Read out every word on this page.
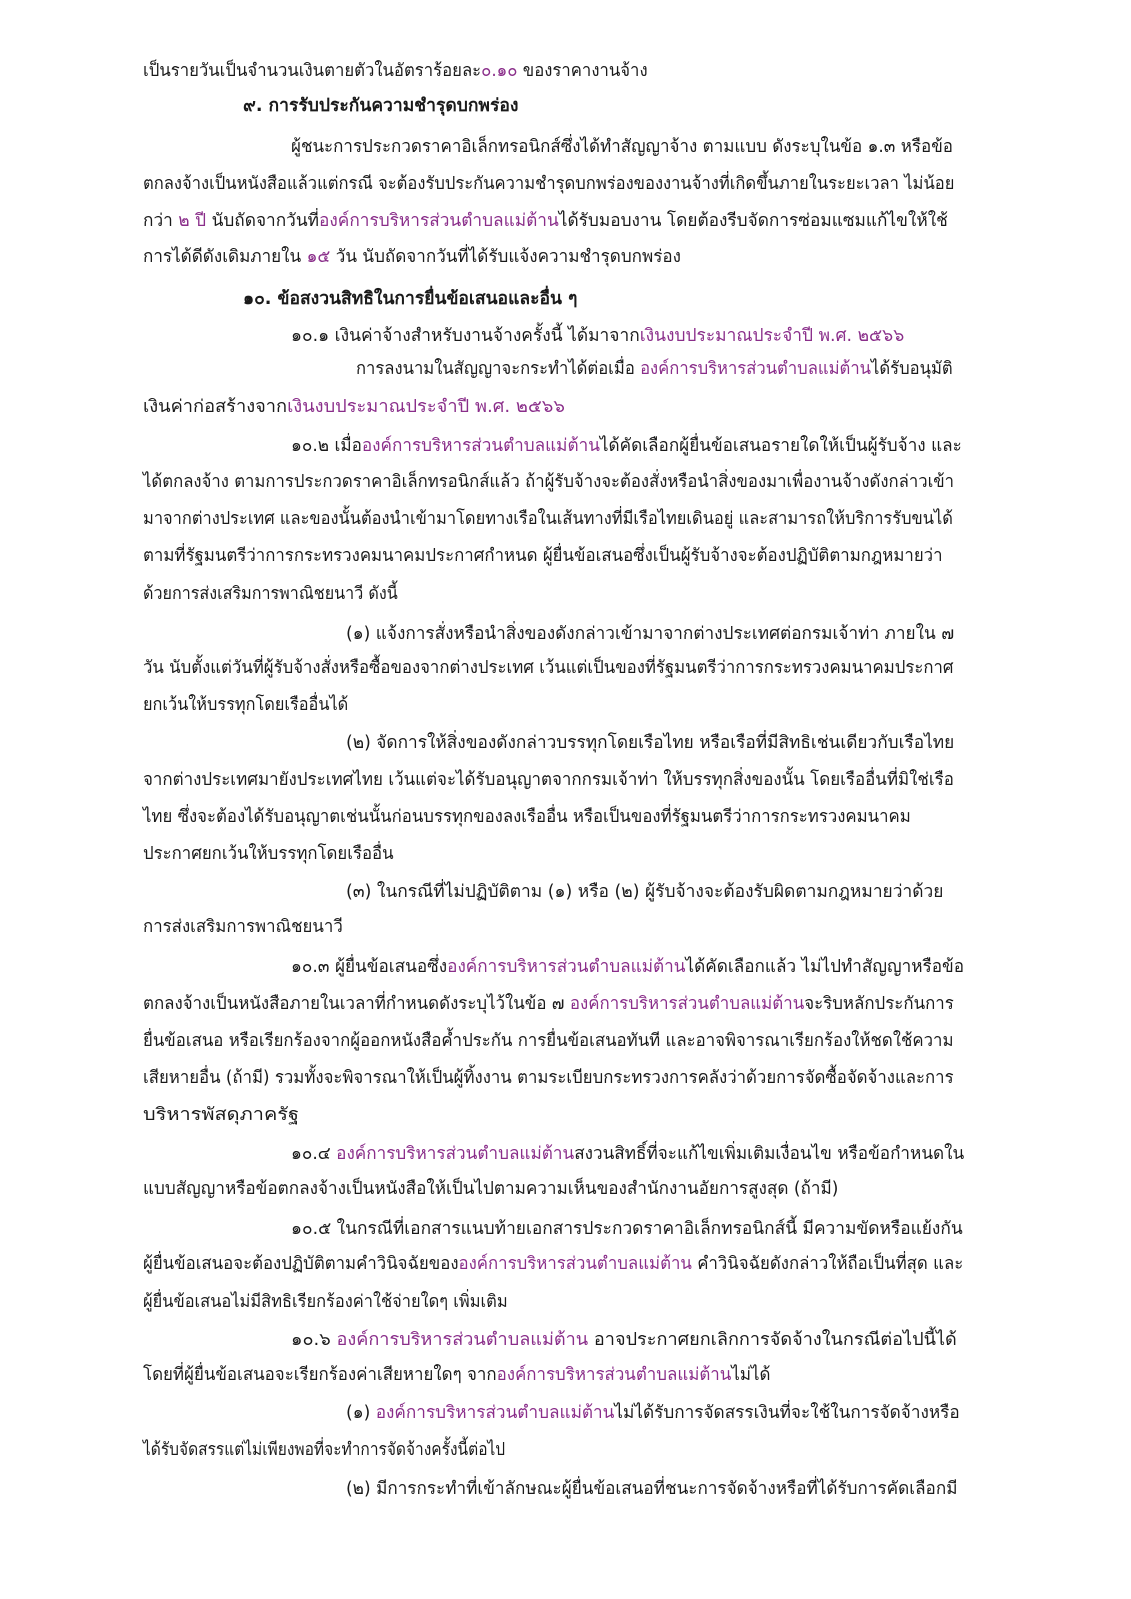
เป็นรายวันเป็นจำนวนเงินตายตัวในอัตราร้อยละ๐.๑๐ ของราคางานจ้าง
๙. การรับประกันความชำรุดบกพร่อง
ผู้ชนะการประกวดราคาอิเล็กทรอนิกส์ซึ่งได้ทำสัญญาจ้าง ตามแบบ ดังระบุในข้อ ๑.๓ หรือข้อ
ตกลงจ้างเป็นหนังสือแล้วแต่กรณี จะต้องรับประกันความชำรุดบกพร่องของงานจ้างที่เกิดขึ้นภายในระยะเวลา ไม่น้อย
กว่า ๒ ปี นับถัดจากวันที่องค์การบริหารส่วนตำบลแม่ต้านได้รับมอบงาน โดยต้องรีบจัดการซ่อมแซมแก้ไขให้ใช้
การได้ดีดังเดิมภายใน ๑๕ วัน นับถัดจากวันที่ได้รับแจ้งความชำรุดบกพร่อง
๑๐. ข้อสงวนสิทธิในการยื่นข้อเสนอและอื่น ๆ
๑๐.๑ เงินค่าจ้างสำหรับงานจ้างครั้งนี้ ได้มาจากเงินงบประมาณประจำปี พ.ศ. ๒๕๖๖
การลงนามในสัญญาจะกระทำได้ต่อเมื่อ องค์การบริหารส่วนตำบลแม่ต้านได้รับอนุมัติ
เงินค่าก่อสร้างจากเงินงบประมาณประจำปี พ.ศ. ๒๕๖๖
๑๐.๒ เมื่อองค์การบริหารส่วนตำบลแม่ต้านได้คัดเลือกผู้ยื่นข้อเสนอรายใดให้เป็นผู้รับจ้าง และ
ได้ตกลงจ้าง ตามการประกวดราคาอิเล็กทรอนิกส์แล้ว ถ้าผู้รับจ้างจะต้องสั่งหรือนำสิ่งของมาเพื่องานจ้างดังกล่าวเข้า
มาจากต่างประเทศ และของนั้นต้องนำเข้ามาโดยทางเรือในเส้นทางที่มีเรือไทยเดินอยู่ และสามารถให้บริการรับขนได้
ตามที่รัฐมนตรีว่าการกระทรวงคมนาคมประกาศกำหนด ผู้ยื่นข้อเสนอซึ่งเป็นผู้รับจ้างจะต้องปฏิบัติตามกฎหมายว่า
ด้วยการส่งเสริมการพาณิชยนาวี ดังนี้
(๑) แจ้งการสั่งหรือนำสิ่งของดังกล่าวเข้ามาจากต่างประเทศต่อกรมเจ้าท่า ภายใน ๗
วัน นับตั้งแต่วันที่ผู้รับจ้างสั่งหรือซื้อของจากต่างประเทศ เว้นแต่เป็นของที่รัฐมนตรีว่าการกระทรวงคมนาคมประกาศ
ยกเว้นให้บรรทุกโดยเรืออื่นได้
(๒) จัดการให้สิ่งของดังกล่าวบรรทุกโดยเรือไทย หรือเรือที่มีสิทธิเช่นเดียวกับเรือไทย
จากต่างประเทศมายังประเทศไทย เว้นแต่จะได้รับอนุญาตจากกรมเจ้าท่า ให้บรรทุกสิ่งของนั้น โดยเรืออื่นที่มิใช่เรือ
ไทย ซึ่งจะต้องได้รับอนุญาตเช่นนั้นก่อนบรรทุกของลงเรืออื่น หรือเป็นของที่รัฐมนตรีว่าการกระทรวงคมนาคม
ประกาศยกเว้นให้บรรทุกโดยเรืออื่น
(๓) ในกรณีที่ไม่ปฏิบัติตาม (๑) หรือ (๒) ผู้รับจ้างจะต้องรับผิดตามกฎหมายว่าด้วย
การส่งเสริมการพาณิชยนาวี
๑๐.๓ ผู้ยื่นข้อเสนอซึ่งองค์การบริหารส่วนตำบลแม่ต้านได้คัดเลือกแล้ว ไม่ไปทำสัญญาหรือข้อ
ตกลงจ้างเป็นหนังสือภายในเวลาที่กำหนดดังระบุไว้ในข้อ ๗ องค์การบริหารส่วนตำบลแม่ต้านจะริบหลักประกันการ
ยื่นข้อเสนอ หรือเรียกร้องจากผู้ออกหนังสือค้ำประกัน การยื่นข้อเสนอทันที และอาจพิจารณาเรียกร้องให้ชดใช้ความ
เสียหายอื่น (ถ้ามี) รวมทั้งจะพิจารณาให้เป็นผู้ทิ้งงาน ตามระเบียบกระทรวงการคลังว่าด้วยการจัดซื้อจัดจ้างและการ
บริหารพัสดุภาครัฐ
๑๐.๔ องค์การบริหารส่วนตำบลแม่ต้านสงวนสิทธิ์ที่จะแก้ไขเพิ่มเติมเงื่อนไข หรือข้อกำหนดใน
แบบสัญญาหรือข้อตกลงจ้างเป็นหนังสือให้เป็นไปตามความเห็นของสำนักงานอัยการสูงสุด (ถ้ามี)
๑๐.๕ ในกรณีที่เอกสารแนบท้ายเอกสารประกวดราคาอิเล็กทรอนิกส์นี้ มีความขัดหรือแย้งกัน
ผู้ยื่นข้อเสนอจะต้องปฏิบัติตามคำวินิจฉัยขององค์การบริหารส่วนตำบลแม่ต้าน คำวินิจฉัยดังกล่าวให้ถือเป็นที่สุด และ
ผู้ยื่นข้อเสนอไม่มีสิทธิเรียกร้องค่าใช้จ่ายใดๆ เพิ่มเติม
๑๐.๖ องค์การบริหารส่วนตำบลแม่ต้าน อาจประกาศยกเลิกการจัดจ้างในกรณีต่อไปนี้ได้
โดยที่ผู้ยื่นข้อเสนอจะเรียกร้องค่าเสียหายใดๆ จากองค์การบริหารส่วนตำบลแม่ต้านไม่ได้
(๑) องค์การบริหารส่วนตำบลแม่ต้านไม่ได้รับการจัดสรรเงินที่จะใช้ในการจัดจ้างหรือ
ได้รับจัดสรรแต่ไม่เพียงพอที่จะทำการจัดจ้างครั้งนี้ต่อไป
(๒) มีการกระทำที่เข้าลักษณะผู้ยื่นข้อเสนอที่ชนะการจัดจ้างหรือที่ได้รับการคัดเลือกมี
